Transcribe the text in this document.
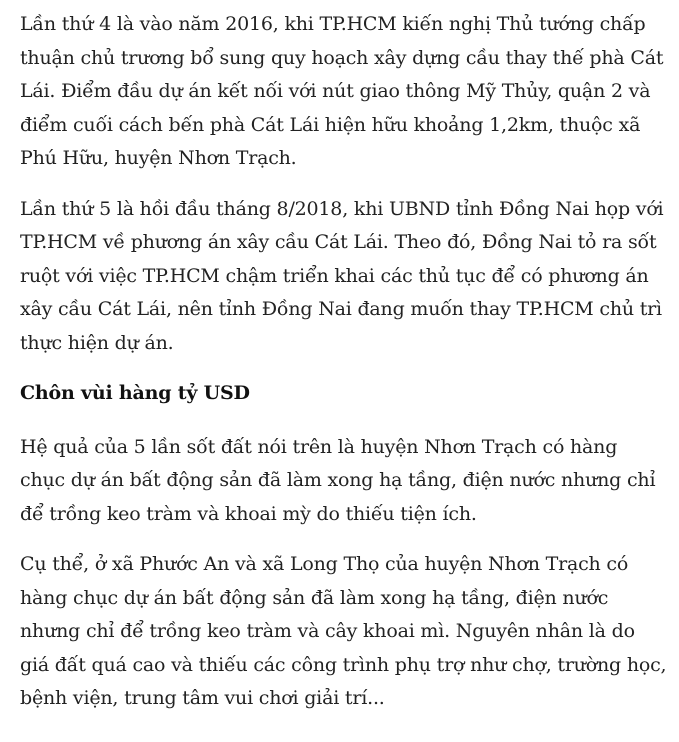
Lần thứ 4 là vào năm 2016, khi TP.HCM kiến nghị Thủ tướng chấp thuận chủ trương bổ sung quy hoạch xây dựng cầu thay thế phà Cát Lái. Điểm đầu dự án kết nối với nút giao thông Mỹ Thủy, quận 2 và điểm cuối cách bến phà Cát Lái hiện hữu khoảng 1,2km, thuộc xã Phú Hữu, huyện Nhơn Trạch.

Lần thứ 5 là hồi đầu tháng 8/2018, khi UBND tỉnh Đồng Nai họp với TP.HCM về phương án xây cầu Cát Lái. Theo đó, Đồng Nai tỏ ra sốt ruột với việc TP.HCM chậm triển khai các thủ tục để có phương án xây cầu Cát Lái, nên tỉnh Đồng Nai đang muốn thay TP.HCM chủ trì thực hiện dự án.

Chôn vùi hàng tỷ USD

Hệ quả của 5 lần sốt đất nói trên là huyện Nhơn Trạch có hàng chục dự án bất động sản đã làm xong hạ tầng, điện nước nhưng chỉ để trồng keo tràm và khoai mỳ do thiếu tiện ích.

Cụ thể, ở xã Phước An và xã Long Thọ của huyện Nhơn Trạch có hàng chục dự án bất động sản đã làm xong hạ tầng, điện nước nhưng chỉ để trồng keo tràm và cây khoai mì. Nguyên nhân là do giá đất quá cao và thiếu các công trình phụ trợ như chợ, trường học, bệnh viện, trung tâm vui chơi giải trí...
